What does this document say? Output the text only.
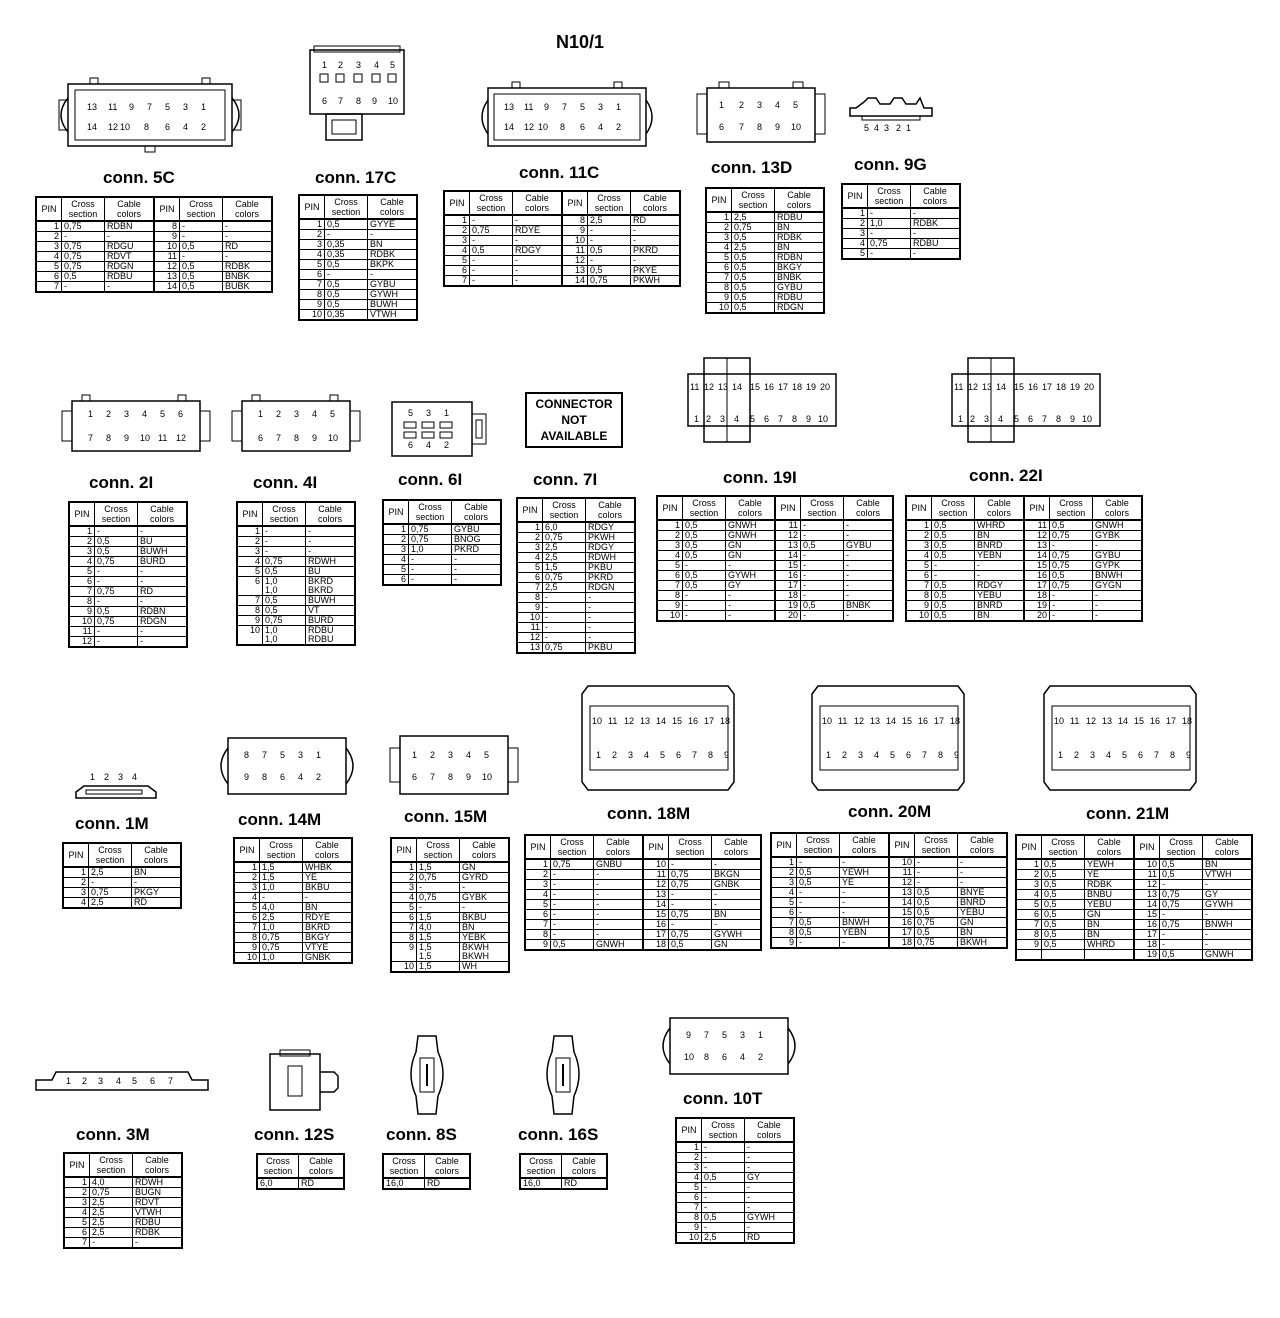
N10/1
13 11 9 7 5 3 1
14 12 10 8 6 4 2
1 2 3 4 5
6 7 8 9 10
13 11 9 7 5 3 1
14 12 10 8 6 4 2
1 2 3 4 5
6 7 8 9 10	5 4 3 2 1
1 2 3 4 5 6
7 8 9 10 11 12
1 2 3 4 5
6 7 8 9 10
5 3 1
6 4 2
CONNECTOR
NOT
AVAILABLE
11 12 13 14 15 16 17 18 19 20
1 2 3 4 5 6 7 8 9 10
11 12 13 14 15 16 17 18 19 20
1 2 3 4 5 6 7 8 9 10
10 11 12 13 14 15 16 17 18
1 2 3 4 5 6 7 8 9
10 11 12 13 14 15 16 17 18
1 2 3 4 5 6 7 8 9
10 11 12 13 14 15 16 17 18
1 2 3 4 5 6 7 8 9
1 2 3 4
8 7 5 3 1
9 8 6 4 2
1 2 3 4 5
6 7 8 9 10
9 7 5 3 1
10 8 6 4 2
1 2 3 4 5 6 7
PIN	Cross
section	Cable
colors	PIN	Cross
section	Cable
colors
1	0,75	RDBN	8	-	-
2	-	-	9	-	-
3	0,75	RDGU	10	0,5	RD
4	0,75	RDVT	11	-	-
5	0,75	RDGN	12	0,5	RDBK
6	0,5	RDBU	13	0,5	BNBK
7	-	-	14	0,5	BUBK
PIN	Cross
section	Cable
colors
1	0,5	GYYE
2	-	-
3	0,35	BN
4	0,35	RDBK
5	0,5	BKPK
6	-	-
7	0,5	GYBU
8	0,5	GYWH
9	0,5	BUWH
10	0,35	VTWH
PIN	Cross
section	Cable
colors	PIN	Cross
section	Cable
colors
1	-	-	8	2,5	RD
2	0,75	RDYE	9	-	-
3	-	-	10	-	-
4	0,5	RDGY	11	0,5	PKRD
5	-	-	12	-	-
6	-	-	13	0,5	PKYE
7	-	-	14	0,75	PKWH
PIN	Cross
section	Cable
colors
1	2,5	RDBU
2	0,75	BN
3	0,5	RDBK
4	2,5	BN
5	0,5	RDBN
6	0,5	BKGY
7	0,5	BNBK
8	0,5	GYBU
9	0,5	RDBU
10	0,5	RDGN
PIN	Cross
section	Cable
colors
1	-	-
2	1,0	RDBK
3	-	-
4	0,75	RDBU
5	-	-
PIN	Cross
section	Cable
colors
1	-	-
2	0,5	BU
3	0,5	BUWH
4	0,75	BURD
5	-	-
6	-	-
7	0,75	RD
8	-	-
9	0,5	RDBN
10	0,75	RDGN
11	-	-
12	-	-
PIN	Cross
section	Cable
colors
1	-	-
2	-	-
3	-	-
4	0,75	RDWH
5	0,5	BU
6	1,0
1,0	BKRD
BKRD
7	0,5	BUWH
8	0,5	VT
9	0,75	BURD
10	1,0
1,0	RDBU
RDBU
PIN	Cross
section	Cable
colors
1	0,75	GYBU
2	0,75	BNOG
3	1,0	PKRD
4	-	-
5	-	-
6	-	-
PIN	Cross
section	Cable
colors
1	6,0	RDGY
2	0,75	PKWH
3	2,5	RDGY
4	2,5	RDWH
5	1,5	PKBU
6	0,75	PKRD
7	2,5	RDGN
8	-	-
9	-	-
10	-	-
11	-	-
12	-	-
13	0,75	PKBU
PIN	Cross
section	Cable
colors	PIN	Cross
section	Cable
colors
1	0,5	GNWH	11	-	-
2	0,5	GNWH	12	-	-
3	0,5	GN	13	0,5	GYBU
4	0,5	GN	14	-	-
5	-	-	15	-	-
6	0,5	GYWH	16	-	-
7	0,5	GY	17	-	-
8	-	-	18	-	-
9	-	-	19	0,5	BNBK
10	-	-	20	-	-
PIN	Cross
section	Cable
colors	PIN	Cross
section	Cable
colors
1	0,5	WHRD	11	0,5	GNWH
2	0,5	BN	12	0,75	GYBK
3	0,5	BNRD	13	-	-
4	0,5	YEBN	14	0,75	GYBU
5	-	-	15	0,75	GYPK
6	-	-	16	0,5	BNWH
7	0,5	RDGY	17	0,75	GYGN
8	0,5	YEBU	18	-	-
9	0,5	BNRD	19	-	-
10	0,5	BN	20	-	-
PIN	Cross
section	Cable
colors
1	2,5	BN
2	-	-
3	0,75	PKGY
4	2,5	RD
PIN	Cross
section	Cable
colors
1	1,5	WHBK
2	1,5	YE
3	1,0	BKBU
4	-	-
5	4,0	BN
6	2,5	RDYE
7	1,0	BKRD
8	0,75	BKGY
9	0,75	VTYE
10	1,0	GNBK
PIN	Cross
section	Cable
colors
1	1,5	GN
2	0,75	GYRD
3	-	-
4	0,75	GYBK
5	-	-
6	1,5	BKBU
7	4,0	BN
8	1,5	YEBK
9	1,5
1,5	BKWH
BKWH
10	1,5	WH
PIN	Cross
section	Cable
colors	PIN	Cross
section	Cable
colors
1	0,75	GNBU	10	-	-
2	-	-	11	0,75	BKGN
3	-	-	12	0,75	GNBK
4	-	-	13	-	-
5	-	-	14	-	-
6	-	-	15	0,75	BN
7	-	-	16	-	-
8	-	-	17	0,75	GYWH
9	0,5	GNWH	18	0,5	GN
PIN	Cross
section	Cable
colors	PIN	Cross
section	Cable
colors
1	-	-	10	-	-
2	0,5	YEWH	11	-	-
3	0,5	YE	12	-	-
4	-	-	13	0,5	BNYE
5	-	-	14	0,5	BNRD
6	-	-	15	0,5	YEBU
7	0,5	BNWH	16	0,75	GN
8	0,5	YEBN	17	0,5	BN
9	-	-	18	0,75	BKWH
PIN	Cross
section	Cable
colors	PIN	Cross
section	Cable
colors
1	0,5	YEWH	10	0,5	BN
2	0,5	YE	11	0,5	VTWH
3	0,5	RDBK	12	-	-
4	0,5	BNBU	13	0,75	GY
5	0,5	YEBU	14	0,75	GYWH
6	0,5	GN	15	-	-
7	0,5	BN	16	0,75	BNWH
8	0,5	BN	17	-	-
9	0,5	WHRD	18	-	-
			19	0,5	GNWH
PIN	Cross
section	Cable
colors
1	4,0	RDWH
2	0,75	BUGN
3	2,5	RDVT
4	2,5	VTWH
5	2,5	RDBU
6	2,5	RDBK
7	-	-
Cross
section	Cable
colors
6,0	RD
Cross
section	Cable
colors
16,0	RD
Cross
section	Cable
colors
16,0	RD
PIN	Cross
section	Cable
colors
1	-	-
2	-	-
3	-	-
4	0,5	GY
5	-	-
6	-	-
7	-	-
8	0,5	GYWH
9	-	-
10	2,5	RD
conn. 5C	conn. 17C	conn. 11C	conn. 13D	conn. 9G
conn. 2I	conn. 4I	conn. 6I	conn. 7I	conn. 19I	conn. 22I
conn. 1M	conn. 14M	conn. 15M	conn. 18M	conn. 20M	conn. 21M
conn. 3M	conn. 12S	conn. 8S	conn. 16S
conn. 10T
